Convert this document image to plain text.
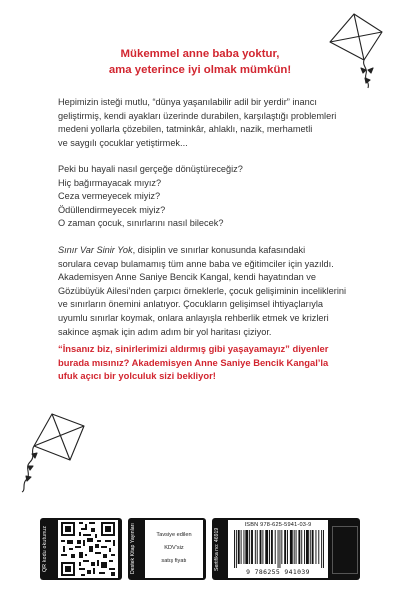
Mükemmel anne baba yoktur,
ama yeterince iyi olmak mümkün!
Hepimizin isteği mutlu, “dünya yaşanılabilir adil bir yerdir” inancı
geliştirmiş, kendi ayakları üzerinde durabilen, karşılaştığı problemleri
medeni yollarla çözebilen, tatminkâr, ahlaklı, nazik, merhametli
ve saygılı çocuklar yetiştirmek...
Peki bu hayali nasıl gerçeğe dönüştüreceğiz?
Hiç bağırmayacak mıyız?
Ceza vermeyecek miyiz?
Ödüllendirmeyecek miyiz?
O zaman çocuk, sınırlarını nasıl bilecek?
Sınır Var Sinir Yok, disiplin ve sınırlar konusunda kafasındaki
sorulara cevap bulamamış tüm anne baba ve eğitimciler için yazıldı.
Akademisyen Anne Saniye Bencik Kangal, kendi hayatından ve
Gözübüyük Ailesi’nden çarpıcı örneklerle, çocuk gelişiminin inceliklerini
ve sınırların önemini anlatıyor. Çocukların gelişimsel ihtiyaçlarıyla
uyumlu sınırlar koymak, onlara anlayışla rehberlik etmek ve krizleri
sakince aşmak için adım adım bir yol haritası çiziyor.
“İnsanız biz, sinirlerimizi aldırmış gibi yaşayamayız” diyenler
burada mısınız? Akademisyen Anne Saniye Bencik Kangal’la
ufuk açıcı bir yolculuk sizi bekliyor!
QR kodu okutunuz	Destek Kitap Yayınları	Tavsiye edilen
KDV’siz
satış fiyatı	Sertifika no: 46919
ISBN 978-625-5941-03-9
9 786255 941039
